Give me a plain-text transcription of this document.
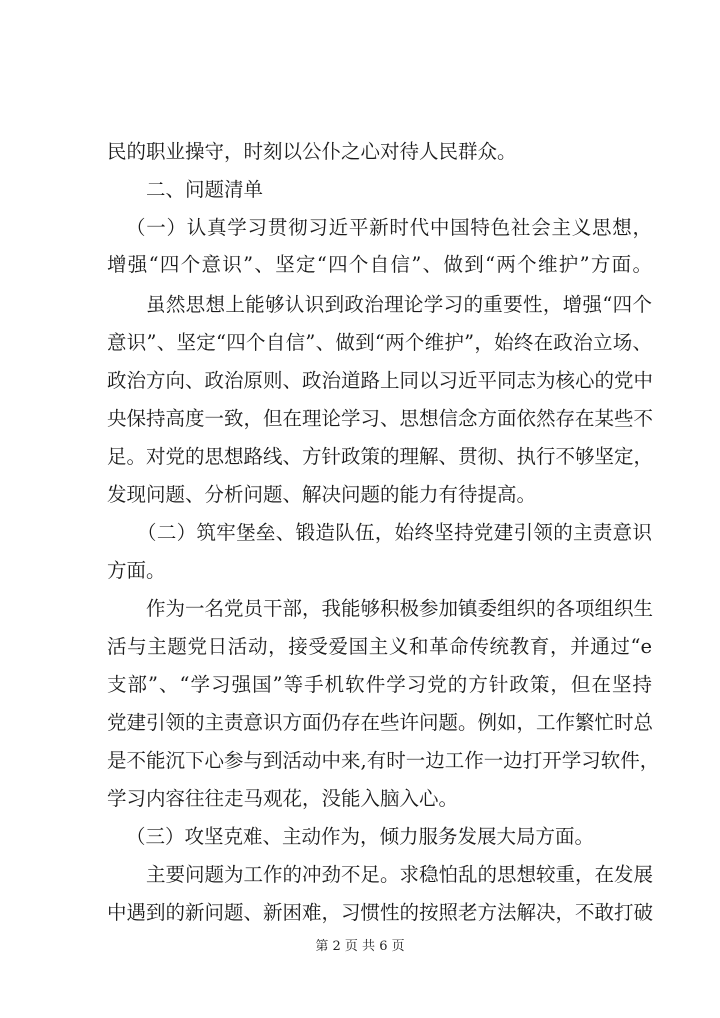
民的职业操守，时刻以公仆之心对待人民群众。
二、问题清单
（一）认真学习贯彻习近平新时代中国特色社会主义思想，
增强“四个意识”、坚定“四个自信”、做到“两个维护”方面。
虽然思想上能够认识到政治理论学习的重要性，增强“四个
意识”、坚定“四个自信”、做到“两个维护”，始终在政治立场、
政治方向、政治原则、政治道路上同以习近平同志为核心的党中
央保持高度一致，但在理论学习、思想信念方面依然存在某些不
足。对党的思想路线、方针政策的理解、贯彻、执行不够坚定，
发现问题、分析问题、解决问题的能力有待提高。
（二）筑牢堡垒、锻造队伍，始终坚持党建引领的主责意识
方面。
作为一名党员干部，我能够积极参加镇委组织的各项组织生
活与主题党日活动，接受爱国主义和革命传统教育，并通过“e
支部”、“学习强国”等手机软件学习党的方针政策，但在坚持
党建引领的主责意识方面仍存在些许问题。例如，工作繁忙时总
是不能沉下心参与到活动中来,有时一边工作一边打开学习软件，
学习内容往往走马观花，没能入脑入心。
（三）攻坚克难、主动作为，倾力服务发展大局方面。
主要问题为工作的冲劲不足。求稳怕乱的思想较重，在发展
中遇到的新问题、新困难，习惯性的按照老方法解决，不敢打破
第 2 页 共 6 页
